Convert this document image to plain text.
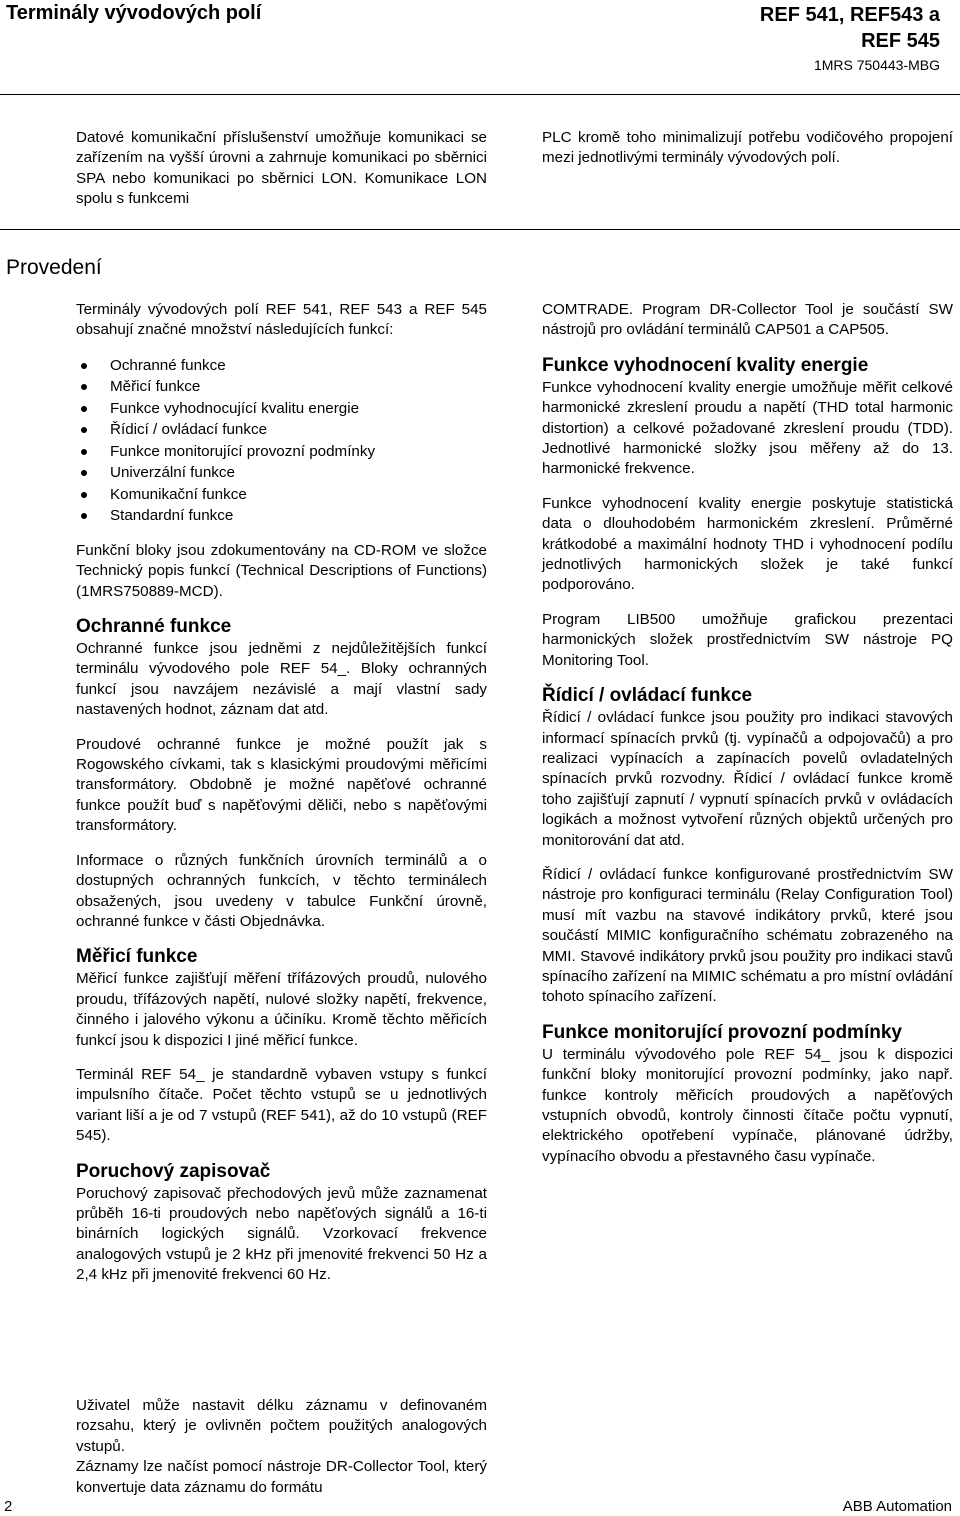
Terminály vývodových polí	REF 541, REF543 a
REF 545
1MRS 750443-MBG

Datové komunikační příslušenství umožňuje komunikaci se zařízením na vyšší úrovni a zahrnuje komunikaci po sběrnici SPA nebo komunikaci po sběrnici LON. Komunikace LON spolu s funkcemi

PLC kromě toho minimalizují potřebu vodičového propojení mezi jednotlivými terminály vývodových polí.

Provedení

Terminály vývodových polí REF 541, REF 543 a REF 545 obsahují značné množství následujících funkcí:

Ochranné funkce
Měřicí funkce
Funkce vyhodnocující kvalitu energie
Řídicí / ovládací funkce
Funkce monitorující provozní podmínky
Univerzální funkce
Komunikační funkce
Standardní funkce

Funkční bloky jsou zdokumentovány na CD-ROM ve složce Technický popis funkcí (Technical Descriptions of Functions) (1MRS750889-MCD).

Ochranné funkce

Ochranné funkce jsou jedněmi z nejdůležitějších funkcí terminálu vývodového pole REF 54_. Bloky ochranných funkcí jsou navzájem nezávislé a mají vlastní sady nastavených hodnot, záznam dat atd.

Proudové ochranné funkce je možné použít jak s Rogowského cívkami, tak s klasickými proudovými měřicími transformátory. Obdobně je možné napěťové ochranné funkce použít buď s napěťovými děliči, nebo s napěťovými transformátory.

Informace o různých funkčních úrovních terminálů a o dostupných ochranných funkcích, v těchto terminálech obsažených, jsou uvedeny v tabulce Funkční úrovně, ochranné funkce v části Objednávka.

Měřicí funkce

Měřicí funkce zajišťují měření třífázových proudů, nulového proudu, třífázových napětí, nulové složky napětí, frekvence, činného i jalového výkonu a účiníku. Kromě těchto měřicích funkcí jsou k dispozici I jiné měřicí funkce.

Terminál REF 54_ je standardně vybaven vstupy s funkcí impulsního čítače. Počet těchto vstupů se u jednotlivých variant liší a je od 7 vstupů (REF 541), až do 10 vstupů (REF 545).

Poruchový zapisovač

Poruchový zapisovač přechodových jevů může zaznamenat průběh 16-ti proudových nebo napěťových signálů a 16-ti binárních logických signálů. Vzorkovací frekvence analogových vstupů je 2 kHz při jmenovité frekvenci 50 Hz a 2,4 kHz při jmenovité frekvenci 60 Hz.

Uživatel může nastavit délku záznamu v definovaném rozsahu, který je ovlivněn počtem použitých analogových vstupů.

Záznamy lze načíst pomocí nástroje DR-Collector Tool, který konvertuje data záznamu do formátu

COMTRADE. Program DR-Collector Tool je součástí SW nástrojů pro ovládání terminálů CAP501 a CAP505.

Funkce vyhodnocení kvality energie

Funkce vyhodnocení kvality energie umožňuje měřit celkové harmonické zkreslení proudu a napětí (THD total harmonic distortion) a celkové požadované zkreslení proudu (TDD). Jednotlivé harmonické složky jsou měřeny až do 13. harmonické frekvence.

Funkce vyhodnocení kvality energie poskytuje statistická data o dlouhodobém harmonickém zkreslení. Průměrné krátkodobé a maximální hodnoty THD i vyhodnocení podílu jednotlivých harmonických složek je také funkcí podporováno.

Program LIB500 umožňuje grafickou prezentaci harmonických složek prostřednictvím SW nástroje PQ Monitoring Tool.

Řídicí / ovládací funkce

Řídicí / ovládací funkce jsou použity pro indikaci stavových informací spínacích prvků (tj. vypínačů a odpojovačů) a pro realizaci vypínacích a zapínacích povelů ovladatelných spínacích prvků rozvodny. Řídicí / ovládací funkce kromě toho zajišťují zapnutí / vypnutí spínacích prvků v ovládacích logikách a možnost vytvoření různých objektů určených pro monitorování dat atd.

Řídicí / ovládací funkce konfigurované prostřednictvím SW nástroje pro konfiguraci terminálu (Relay Configuration Tool) musí mít vazbu na stavové indikátory prvků, které jsou součástí MIMIC konfiguračního schématu zobrazeného na MMI. Stavové indikátory prvků jsou použity pro indikaci stavů spínacího zařízení na MIMIC schématu a pro místní ovládání tohoto spínacího zařízení.

Funkce monitorující provozní podmínky

U terminálu vývodového pole REF 54_ jsou k dispozici funkční bloky monitorující provozní podmínky, jako např. funkce kontroly měřicích proudových a napěťových vstupních obvodů, kontroly činnosti čítače počtu vypnutí, elektrického opotřebení vypínače, plánované údržby, vypínacího obvodu a přestavného času vypínače.

2	ABB Automation
